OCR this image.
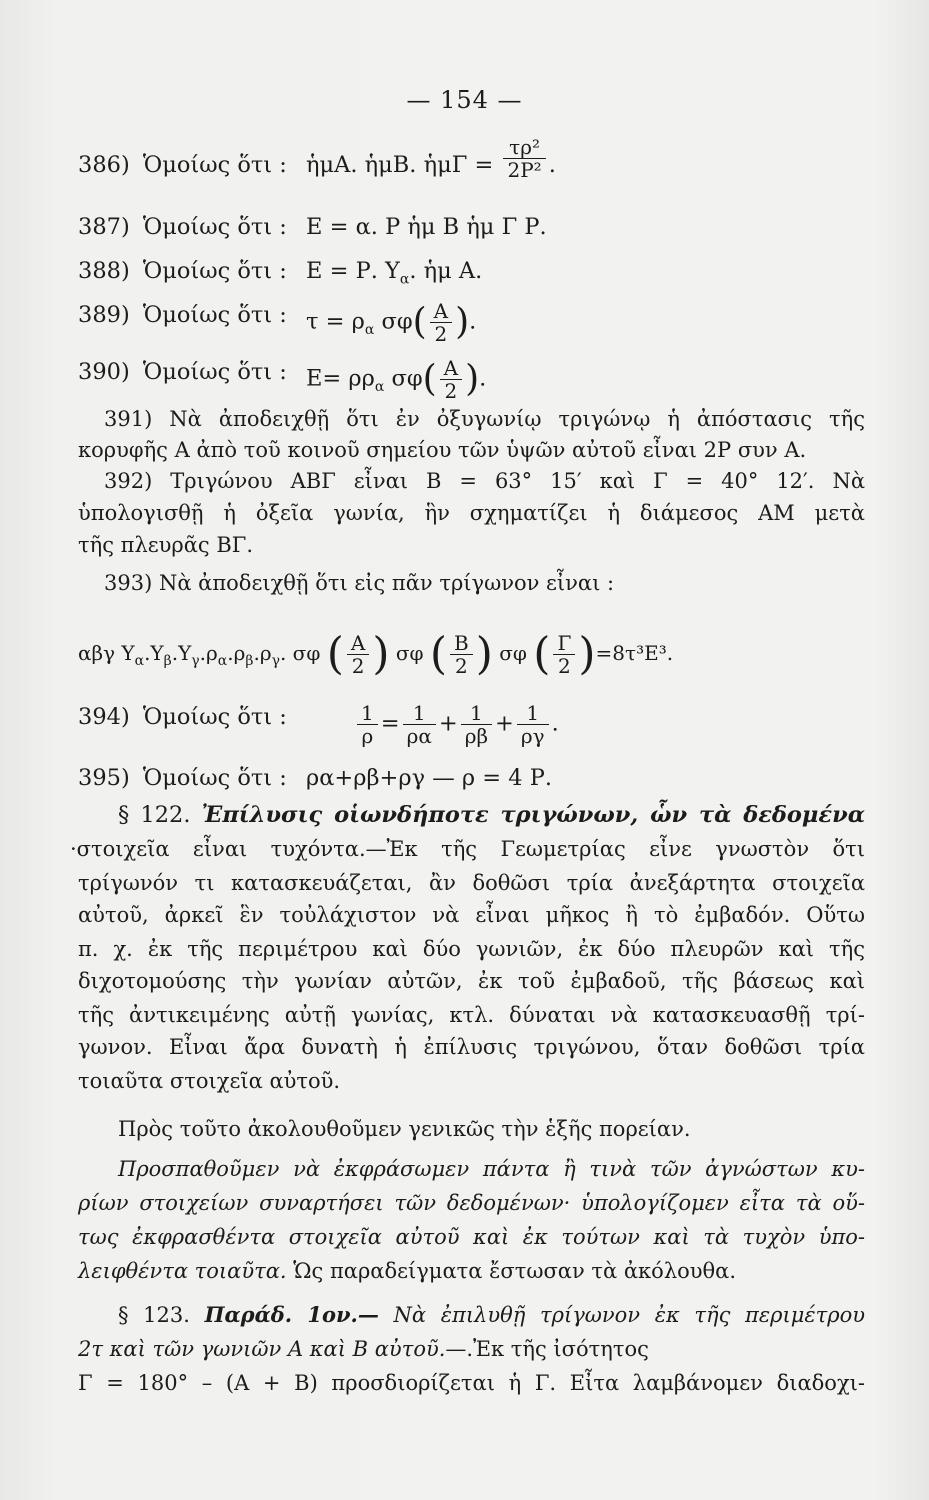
— 154 —
386) Ὁμοίως ὅτι : ἡμΑ. ἡμΒ. ἡμΓ = $\frac{\text{τρ²}}{\text{2Ρ²}}$ .
387) Ὁμοίως ὅτι : Ε = α. Ρ ἡμ Β ἡμ Γ Ρ.
388) Ὁμοίως ὅτι : Ε = Ρ. $\Upsilon_\alpha$. ἡμ Α.
389) Ὁμοίως ὅτι : $\tau = \rho_\alpha$ $\sigma\varphi( \frac{A}{2}$ ).
390) Ὁμοίως ὅτι : $E= \rho\rho_\alpha$ $\sigma\varphi( \frac{A}{2}$ ).
391) Νὰ ἀποδειχθῇ ὅτι ἐν ὀξυγωνίῳ τριγώνῳ ἡ ἀπόστασις τῆς
κορυφῆς Α ἀπὸ τοῦ κοινοῦ σημείου τῶν ὑψῶν αὐτοῦ εἶναι 2Ρ συν Α.
392) Τριγώνου ΑΒΓ εἶναι Β = 63° 15′ καὶ Γ = 40° 12′. Νὰ
ὑπολογισθῇ ἡ ὀξεῖα γωνία, ἣν σχηματίζει ἡ διάμεσος ΑΜ μετὰ
τῆς πλευρᾶς ΒΓ.
393) Νὰ ἀποδειχθῇ ὅτι εἰς πᾶν τρίγωνον εἶναι :
αβγ $\Upsilon_\alpha.\Upsilon_\beta.\Upsilon_\gamma.\rho_\alpha.\rho_\beta.\rho_\gamma$. σφ ( $\frac{A}{2}$ ) σφ ( $\frac{B}{2}$ ) σφ ( $\frac{\Gamma}{2} )=8\tau^3E^3$.
394) Ὁμοίως ὅτι :	$\frac{1}{\rho} = \frac{1}{\rho\alpha} + \frac{1}{\rho\beta} + \frac{1}{\rho\gamma}$ .
395) Ὁμοίως ὅτι : ρα+ρβ+ργ — ρ = 4 Ρ.
§ 122. Ἐπίλυσις οἱωνδήποτε τριγώνων, ὧν τὰ δεδομένα
·στοιχεῖα εἶναι τυχόντα.—Ἐκ τῆς Γεωμετρίας εἶνε γνωστὸν ὅτι
τρίγωνόν τι κατασκευάζεται, ἂν δοθῶσι τρία ἀνεξάρτητα στοιχεῖα
αὐτοῦ, ἀρκεῖ ἓν τοὐλάχιστον νὰ εἶναι μῆκος ἢ τὸ ἐμβαδόν. Οὕτω
π. χ. ἐκ τῆς περιμέτρου καὶ δύο γωνιῶν, ἐκ δύο πλευρῶν καὶ τῆς
διχοτομούσης τὴν γωνίαν αὐτῶν, ἐκ τοῦ ἐμβαδοῦ, τῆς βάσεως καὶ
τῆς ἀντικειμένης αὐτῇ γωνίας, κτλ. δύναται νὰ κατασκευασθῇ τρί-
γωνον. Εἶναι ἄρα δυνατὴ ἡ ἐπίλυσις τριγώνου, ὅταν δοθῶσι τρία
τοιαῦτα στοιχεῖα αὐτοῦ.
Πρὸς τοῦτο ἀκολουθοῦμεν γενικῶς τὴν ἑξῆς πορείαν.
Προσπαθοῦμεν νὰ ἐκφράσωμεν πάντα ἢ τινὰ τῶν ἀγνώστων κυ-
ρίων στοιχείων συναρτήσει τῶν δεδομένων· ὑπολογίζομεν εἶτα τὰ οὕ-
τως ἐκφρασθέντα στοιχεῖα αὐτοῦ καὶ ἐκ τούτων καὶ τὰ τυχὸν ὑπο-
λειφθέντα τοιαῦτα. Ὡς παραδείγματα ἔστωσαν τὰ ἀκόλουθα.
§ 123. Παράδ. 1ον.— Νὰ ἐπιλυθῇ τρίγωνον ἐκ τῆς περιμέτρου
2τ καὶ τῶν γωνιῶν Α καὶ Β αὐτοῦ.—.Ἐκ τῆς ἰσότητος
Γ = 180° – (Α + Β) προσδιορίζεται ἡ Γ. Εἶτα λαμβάνομεν διαδοχι-
